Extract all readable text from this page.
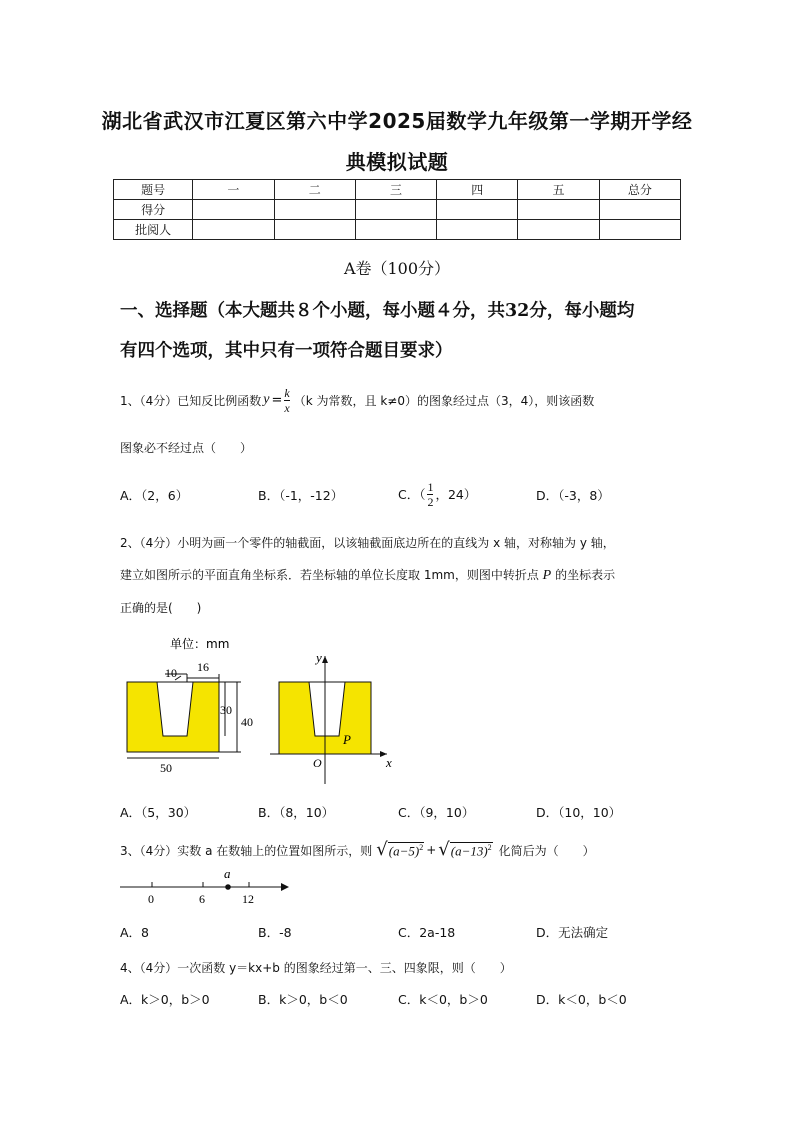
湖北省武汉市江夏区第六中学2025届数学九年级第一学期开学经
典模拟试题
题号	一	二	三	四	五	总分
得分						
批阅人						
A卷（100分）
一、选择题（本大题共８个小题，每小题４分，共32分，每小题均
有四个选项，其中只有一项符合题目要求）
1、（4分）已知反比例函数 $y = \frac{k}{x} (k$ 为常数，且 k≠0）的图象经过点（3，4），则该函数
图象必不经过点（　　）
A．（2，6）	B．（-1，-12）	C．（ $\frac{1}{2}$ ，24）	D．（-3，8）
2、（4分）小明为画一个零件的轴截面，以该轴截面底边所在的直线为 x 轴，对称轴为 y 轴，
建立如图所示的平面直角坐标系．若坐标轴的单位长度取 1mm，则图中转折点 P 的坐标表示
正确的是(　　)
单位：mm
10 16
30
40
50
y
x
O
P
A．（5，30）	B．（8，10）	C．（9，10）	D．（10，10）
3、（4分）实数 a 在数轴上的位置如图所示，则 √ $(a-5)^2$ + √ $(a-13)^2$ 化简后为（　　）
0	6	12
a
A．8	B．-8	C．2a-18	D．无法确定
4、（4分）一次函数 y＝kx+b 的图象经过第一、三、四象限，则（　　）
A．k＞0，b＞0	B．k＞0，b＜0	C．k＜0，b＞0	D．k＜0，b＜0
